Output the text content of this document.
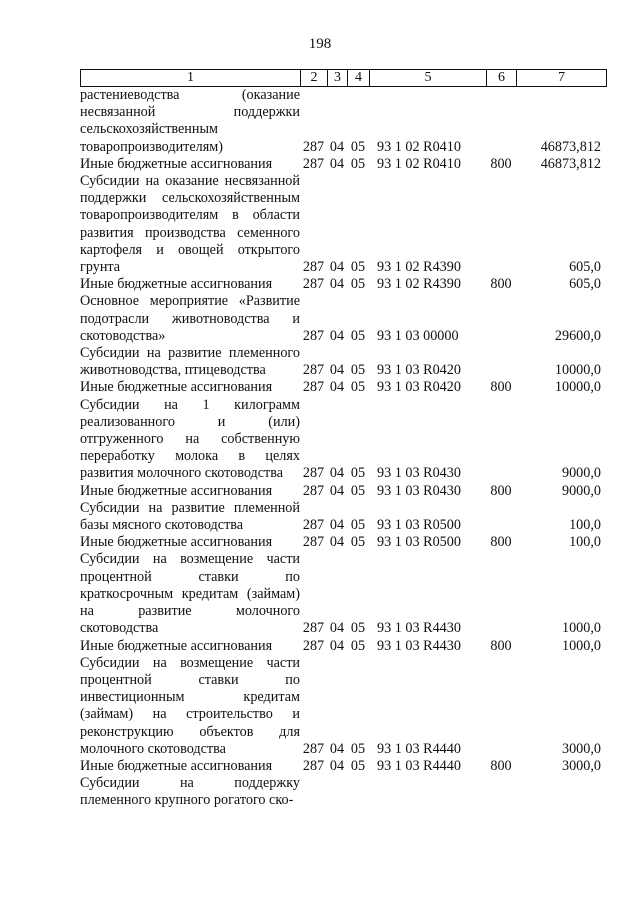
198
1	2	3	4	5	6	7
растениеводства (оказание несвязанной поддержки сельскохозяйственным товаропроизводителям)	287	04	05	93 1 02 R0410		46873,812
Иные бюджетные ассигнования	287	04	05	93 1 02 R0410	800	46873,812
Субсидии на оказание несвязанной поддержки сельскохозяйственным товаропроизводителям в области развития производства семенного картофеля и овощей открытого грунта	287	04	05	93 1 02 R4390		605,0
Иные бюджетные ассигнования	287	04	05	93 1 02 R4390	800	605,0
Основное мероприятие «Развитие подотрасли животноводства и скотоводства»	287	04	05	93 1 03 00000		29600,0
Субсидии на развитие племенного животноводства, птицеводства	287	04	05	93 1 03 R0420		10000,0
Иные бюджетные ассигнования	287	04	05	93 1 03 R0420	800	10000,0
Субсидии на 1 килограмм реализованного и (или) отгруженного на собственную переработку молока в целях развития молочного скотоводства	287	04	05	93 1 03 R0430		9000,0
Иные бюджетные ассигнования	287	04	05	93 1 03 R0430	800	9000,0
Субсидии на развитие племенной базы мясного скотоводства	287	04	05	93 1 03 R0500		100,0
Иные бюджетные ассигнования	287	04	05	93 1 03 R0500	800	100,0
Субсидии на возмещение части процентной ставки по краткосрочным кредитам (займам) на развитие молочного скотоводства	287	04	05	93 1 03 R4430		1000,0
Иные бюджетные ассигнования	287	04	05	93 1 03 R4430	800	1000,0
Субсидии на возмещение части процентной ставки по инвестиционным кредитам (займам) на строительство и реконструкцию объектов для молочного скотоводства	287	04	05	93 1 03 R4440		3000,0
Иные бюджетные ассигнования	287	04	05	93 1 03 R4440	800	3000,0
Субсидии на поддержку племенного крупного рогатого ско-						
